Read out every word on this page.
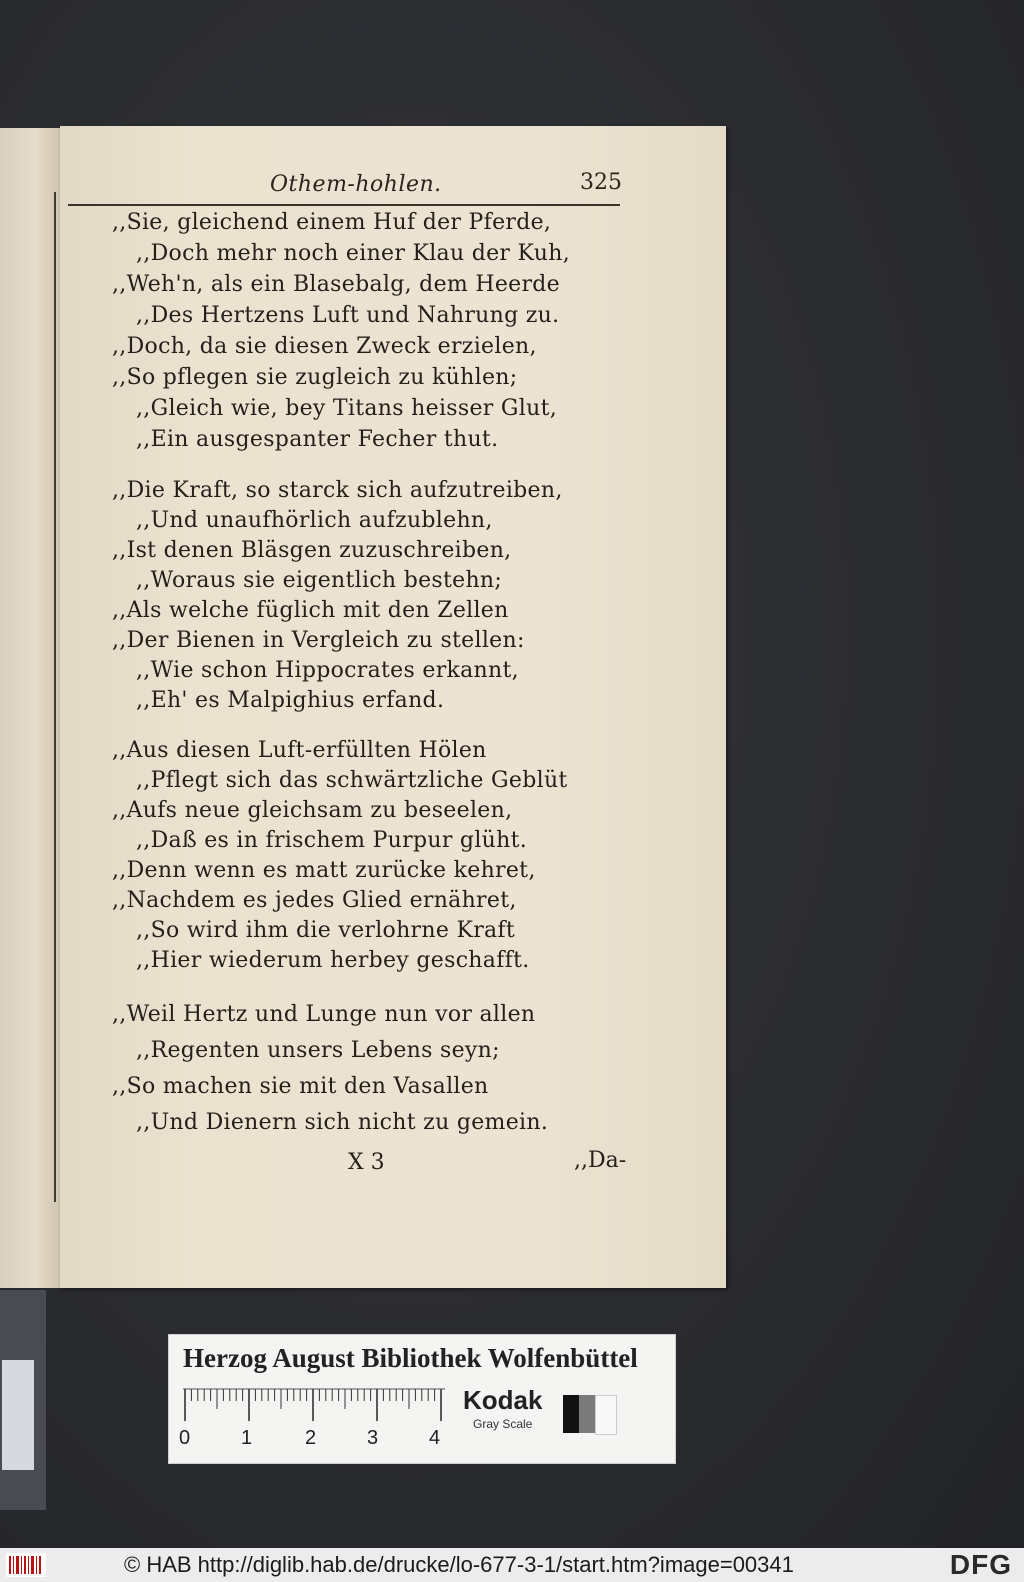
Othem-hohlen.	325
,,Sie, gleichend einem Huf der Pferde,
,,Doch mehr noch einer Klau der Kuh,
,,Weh'n, als ein Blasebalg, dem Heerde
,,Des Hertzens Luft und Nahrung zu.
,,Doch, da sie diesen Zweck erzielen,
,,So pflegen sie zugleich zu kühlen;
,,Gleich wie, bey Titans heisser Glut,
,,Ein ausgespanter Fecher thut.
,,Die Kraft, so starck sich aufzutreiben,
,,Und unaufhörlich aufzublehn,
,,Ist denen Bläsgen zuzuschreiben,
,,Woraus sie eigentlich bestehn;
,,Als welche füglich mit den Zellen
,,Der Bienen in Vergleich zu stellen:
,,Wie schon Hippocrates erkannt,
,,Eh' es Malpighius erfand.
,,Aus diesen Luft-erfüllten Hölen
,,Pflegt sich das schwärtzliche Geblüt
,,Aufs neue gleichsam zu beseelen,
,,Daß es in frischem Purpur glüht.
,,Denn wenn es matt zurücke kehret,
,,Nachdem es jedes Glied ernähret,
,,So wird ihm die verlohrne Kraft
,,Hier wiederum herbey geschafft.
,,Weil Hertz und Lunge nun vor allen
,,Regenten unsers Lebens seyn;
,,So machen sie mit den Vasallen
,,Und Dienern sich nicht zu gemein.
X 3	,,Da-
Herzog August Bibliothek Wolfenbüttel
0	1	2	3	4
Kodak
Gray Scale
© HAB http://diglib.hab.de/drucke/lo-677-3-1/start.htm?image=00341	DFG
